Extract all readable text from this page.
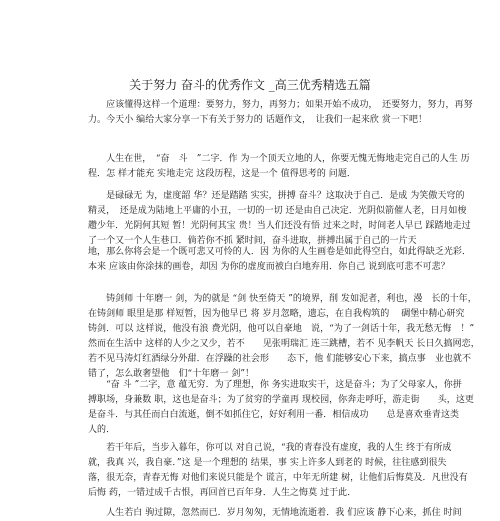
关于努力 奋斗的优秀作文 _高三优秀精选五篇
　　应该懂得这样一个道理：要努力，努力，再努力；如果开始不成功，　还要努力，努力，再努
力。今天小 编给大家分享一下有关于努力的 话题作文，　让我们一起来欣 赏一下吧！
　　人生在世，　“奋　斗　”二字．作 为一个顶天立地的人，你要无愧无悔地走完自己的人生 历
程．怎 样才能充 实地走完 这段历程，这是一个 值得思考的 问题．
　　是碌碌无 为，虚度韶 华？还是踏踏 实实，拼搏 奋斗？这取决于自己．是成 为笑傲天穹的
精灵，　还是成为陆地上平庸的小丑，一切的一切 还是由自己决定．光阴似箭催人老，日月如梭
趱少年．光阴何其短 暂！光阴何其宝 贵！当人们还没有悟 过来之时，时间老人早已 踩踏地走过
了一个又一个人生巷口．倘若你不抓 紧时间，奋斗进取，拼搏出属于自己的一片天
地，那么你将会是一个既可悲又可怜的人．因 为你的人生画卷是如此得空白，如此得缺乏光彩．
本来 应该由你涂抹的画卷，却因 为你的虚度而被白白地弃用．你自己 说到底可悲不可悲？
　　铸剑师 十年磨一 剑，为的就是 “剑 快至倚天 ”的境界，削 发如泥者，利也，漫　长的十年，
在铸剑师 眼里是那 样短暂，因为他早已 将 岁月忽略，遗忘，在自我构筑的　 碉堡中精心研究
铸剑．可以 这样说，他没有浪 费光阴，他可以自豪地　说，“为了一剑话十年，我无愁无悔　！”
然而在生活中 这样的人少之又少，若不　　见张明瑞汇 连三跳槽，若不 见李帆天 长日久搞网恋，
若不见马涛灯红酒绿分外甜．在浮躁的社会形　　态下，他 们能够安心下来，搞点事　业也就不
错了，怎么敢奢望他　们“十年磨一 剑”！
　　“奋 斗 ”二字，意 蕴无穷．为了理想，你 务实进取实干，这是奋斗；为了父母家人，你拼
搏职场，身兼数 职，这也是奋斗；为了贫穷的学童再 现校园，你奔走呼吁，游走街　　头，这更
是奋斗．与其任而白白流逝，倒不如抓住它，好好利用一番．相信成功　　总是喜欢垂青这类
人的．
　　若干年后，当步入暮年，你可以 对自己说，“我的青春没有虚度，我的人生 终于有所成
就，我真 兴，我自豪．”这 是一个理想的 结果，事 实上许多人到老的 时候，往往感到很失
落，很无奈，青春无悔 对他们来说只能是个 谎言，中年无所建 树，让他们后悔莫及．凡世没有
后悔 药，一错过成千古恨，再回首已百年身．人生之悔莫 过于此．
　　人生若白 驹过隙，忽然而已．岁月匆匆，无情地流逝着．我 们应该 静下心来，抓住 时间
